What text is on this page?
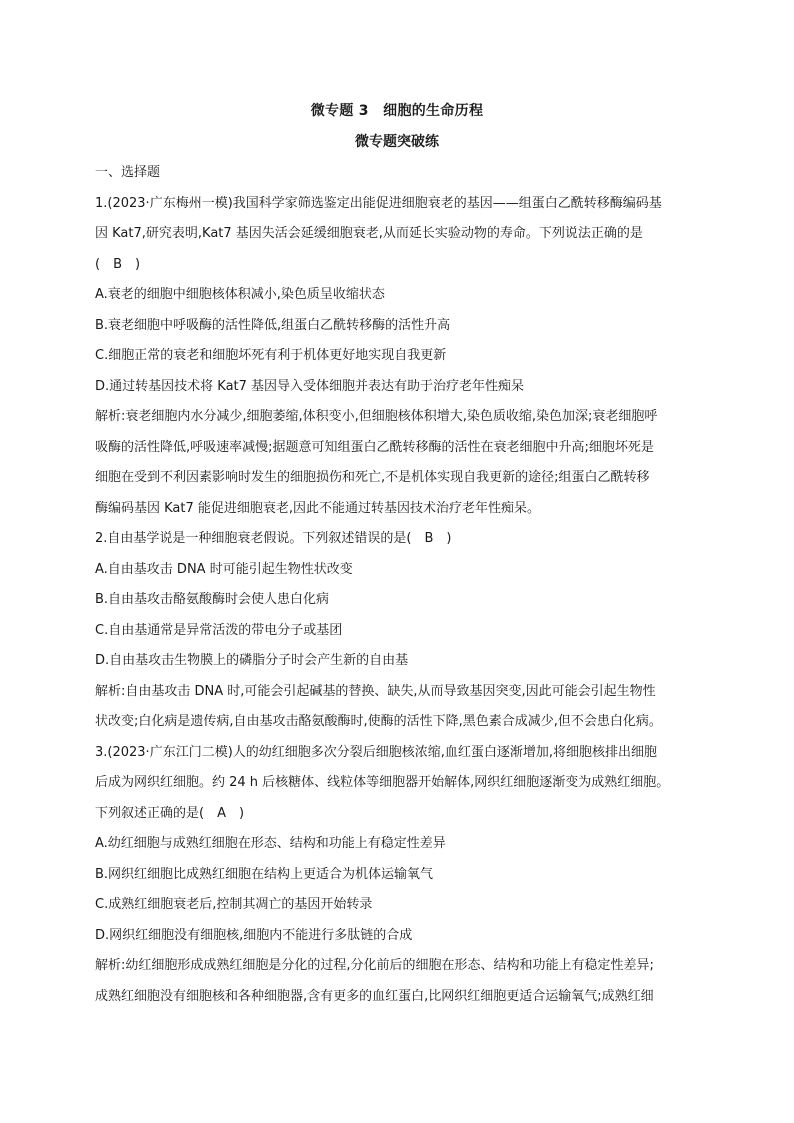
微专题 3　细胞的生命历程
微专题突破练

一、选择题

1.(2023·广东梅州一模)我国科学家筛选鉴定出能促进细胞衰老的基因——组蛋白乙酰转移酶编码基

因 Kat7,研究表明,Kat7 基因失活会延缓细胞衰老,从而延长实验动物的寿命。下列说法正确的是

(　B　)

A.衰老的细胞中细胞核体积减小,染色质呈收缩状态

B.衰老细胞中呼吸酶的活性降低,组蛋白乙酰转移酶的活性升高

C.细胞正常的衰老和细胞坏死有利于机体更好地实现自我更新

D.通过转基因技术将 Kat7 基因导入受体细胞并表达有助于治疗老年性痴呆

解析:衰老细胞内水分减少,细胞萎缩,体积变小,但细胞核体积增大,染色质收缩,染色加深;衰老细胞呼

吸酶的活性降低,呼吸速率减慢;据题意可知组蛋白乙酰转移酶的活性在衰老细胞中升高;细胞坏死是

细胞在受到不利因素影响时发生的细胞损伤和死亡,不是机体实现自我更新的途径;组蛋白乙酰转移

酶编码基因 Kat7 能促进细胞衰老,因此不能通过转基因技术治疗老年性痴呆。

2.自由基学说是一种细胞衰老假说。下列叙述错误的是(　B　)

A.自由基攻击 DNA 时可能引起生物性状改变

B.自由基攻击酪氨酸酶时会使人患白化病

C.自由基通常是异常活泼的带电分子或基团

D.自由基攻击生物膜上的磷脂分子时会产生新的自由基

解析:自由基攻击 DNA 时,可能会引起碱基的替换、缺失,从而导致基因突变,因此可能会引起生物性

状改变;白化病是遗传病,自由基攻击酪氨酸酶时,使酶的活性下降,黑色素合成减少,但不会患白化病。

3.(2023·广东江门二模)人的幼红细胞多次分裂后细胞核浓缩,血红蛋白逐渐增加,将细胞核排出细胞

后成为网织红细胞。约 24 h 后核糖体、线粒体等细胞器开始解体,网织红细胞逐渐变为成熟红细胞。

下列叙述正确的是(　A　)

A.幼红细胞与成熟红细胞在形态、结构和功能上有稳定性差异

B.网织红细胞比成熟红细胞在结构上更适合为机体运输氧气

C.成熟红细胞衰老后,控制其凋亡的基因开始转录

D.网织红细胞没有细胞核,细胞内不能进行多肽链的合成

解析:幼红细胞形成成熟红细胞是分化的过程,分化前后的细胞在形态、结构和功能上有稳定性差异;

成熟红细胞没有细胞核和各种细胞器,含有更多的血红蛋白,比网织红细胞更适合运输氧气;成熟红细
